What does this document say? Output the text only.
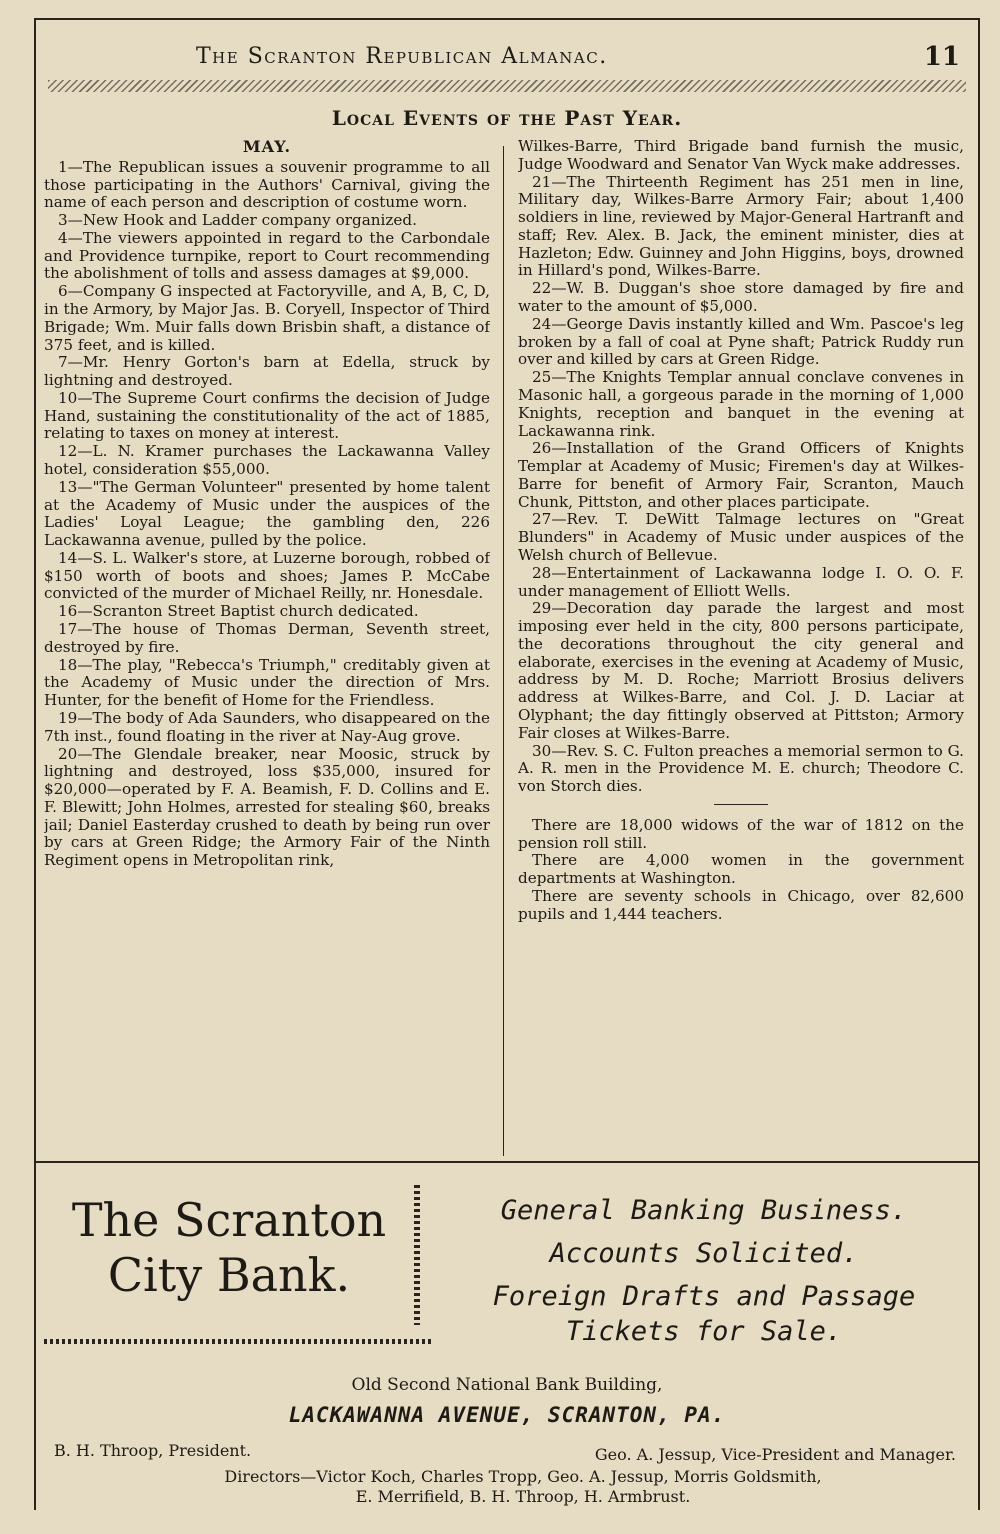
The Scranton Republican Almanac.	11
Local Events of the Past Year.
MAY.

1—The Republican issues a souvenir programme to all those participating in the Authors' Carnival, giving the name of each person and description of costume worn.

3—New Hook and Ladder company organized.

4—The viewers appointed in regard to the Carbondale and Providence turnpike, report to Court recommending the abolishment of tolls and assess damages at $9,000.

6—Company G inspected at Factoryville, and A, B, C, D, in the Armory, by Major Jas. B. Coryell, Inspector of Third Brigade; Wm. Muir falls down Brisbin shaft, a distance of 375 feet, and is killed.

7—Mr. Henry Gorton's barn at Edella, struck by lightning and destroyed.

10—The Supreme Court confirms the decision of Judge Hand, sustaining the constitutionality of the act of 1885, relating to taxes on money at interest.

12—L. N. Kramer purchases the Lackawanna Valley hotel, consideration $55,000.

13—"The German Volunteer" presented by home talent at the Academy of Music under the auspices of the Ladies' Loyal League; the gambling den, 226 Lackawanna avenue, pulled by the police.

14—S. L. Walker's store, at Luzerne borough, robbed of $150 worth of boots and shoes; James P. McCabe convicted of the murder of Michael Reilly, nr. Honesdale.

16—Scranton Street Baptist church dedicated.

17—The house of Thomas Derman, Seventh street, destroyed by fire.

18—The play, "Rebecca's Triumph," creditably given at the Academy of Music under the direction of Mrs. Hunter, for the benefit of Home for the Friendless.

19—The body of Ada Saunders, who disappeared on the 7th inst., found floating in the river at Nay-Aug grove.

20—The Glendale breaker, near Moosic, struck by lightning and destroyed, loss $35,000, insured for $20,000—operated by F. A. Beamish, F. D. Collins and E. F. Blewitt; John Holmes, arrested for stealing $60, breaks jail; Daniel Easterday crushed to death by being run over by cars at Green Ridge; the Armory Fair of the Ninth Regiment opens in Metropolitan rink,

Wilkes-Barre, Third Brigade band furnish the music, Judge Woodward and Senator Van Wyck make addresses.

21—The Thirteenth Regiment has 251 men in line, Military day, Wilkes-Barre Armory Fair; about 1,400 soldiers in line, reviewed by Major-General Hartranft and staff; Rev. Alex. B. Jack, the eminent minister, dies at Hazleton; Edw. Guinney and John Higgins, boys, drowned in Hillard's pond, Wilkes-Barre.

22—W. B. Duggan's shoe store damaged by fire and water to the amount of $5,000.

24—George Davis instantly killed and Wm. Pascoe's leg broken by a fall of coal at Pyne shaft; Patrick Ruddy run over and killed by cars at Green Ridge.

25—The Knights Templar annual conclave convenes in Masonic hall, a gorgeous parade in the morning of 1,000 Knights, reception and banquet in the evening at Lackawanna rink.

26—Installation of the Grand Officers of Knights Templar at Academy of Music; Firemen's day at Wilkes-Barre for benefit of Armory Fair, Scranton, Mauch Chunk, Pittston, and other places participate.

27—Rev. T. DeWitt Talmage lectures on "Great Blunders" in Academy of Music under auspices of the Welsh church of Bellevue.

28—Entertainment of Lackawanna lodge I. O. O. F. under management of Elliott Wells.

29—Decoration day parade the largest and most imposing ever held in the city, 800 persons participate, the decorations throughout the city general and elaborate, exercises in the evening at Academy of Music, address by M. D. Roche; Marriott Brosius delivers address at Wilkes-Barre, and Col. J. D. Laciar at Olyphant; the day fittingly observed at Pittston; Armory Fair closes at Wilkes-Barre.

30—Rev. S. C. Fulton preaches a memorial sermon to G. A. R. men in the Providence M. E. church; Theodore C. von Storch dies.

There are 18,000 widows of the war of 1812 on the pension roll still.

There are 4,000 women in the government departments at Washington.

There are seventy schools in Chicago, over 82,600 pupils and 1,444 teachers.

The Scranton
City Bank.
General Banking Business.
Accounts Solicited.
Foreign Drafts and Passage
Tickets for Sale.
Old Second National Bank Building,
LACKAWANNA AVENUE, SCRANTON, PA.
B. H. Throop, President.	Geo. A. Jessup, Vice-President and Manager.
Directors—Victor Koch, Charles Tropp, Geo. A. Jessup, Morris Goldsmith,
E. Merrifield, B. H. Throop, H. Armbrust.
